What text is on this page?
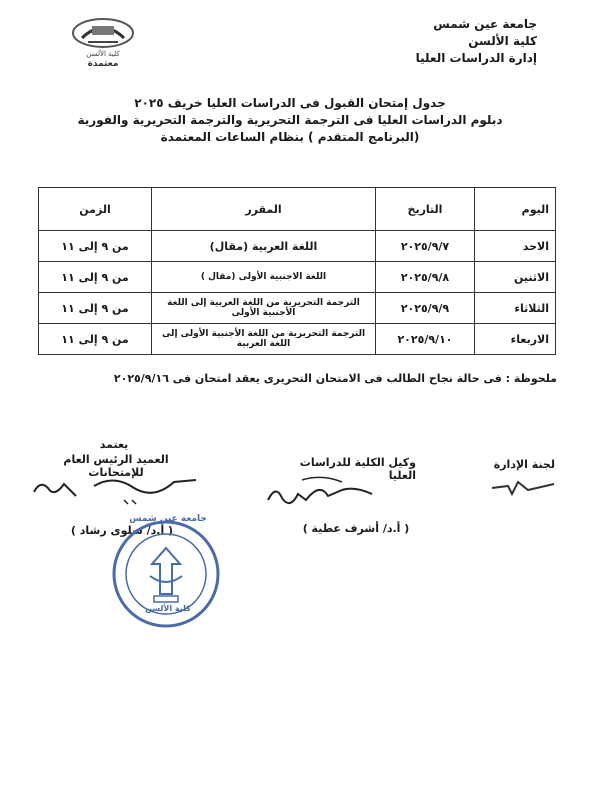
جامعة عين شمس
كلية الألسن
إدارة الدراسات العليا
كلية الألسن
معتمدة
جدول إمتحان القبول فى الدراسات العليا خريف ٢٠٢٥
دبلوم الدراسات العليا فى الترجمة التحريرية والترجمة التحريرية والفورية
(البرنامج المتقدم ) بنظام الساعات المعتمدة
اليوم	التاريخ	المقرر	الزمن
الاحد	٢٠٢٥/٩/٧	اللغة العربية (مقال)	من ٩ إلى ١١
الاثنين	٢٠٢٥/٩/٨	اللغة الاجنبية الأولى (مقال )	من ٩ إلى ١١
الثلاثاء	٢٠٢٥/٩/٩	الترجمة التحريرية من اللغة العربية إلى اللغة الأجنبية الأولى	من ٩ إلى ١١
الاربعاء	٢٠٢٥/٩/١٠	الترجمة التحريرية من اللغة الأجنبية الأولى إلى اللغة العربية	من ٩ إلى ١١
ملحوظة : فى حالة نجاح الطالب فى الامتحان التحريرى يعقد امتحان فى ٢٠٢٥/٩/١٦
لجنة الإدارة
وكيل الكلية للدراسات العليا
( أ.د/ أشرف عطية )
يعتمد
العميد الرئيس العام للإمتحانات
( أ.د/ سلوى رشاد )
جامعة عين شمس
كلية الألسن
